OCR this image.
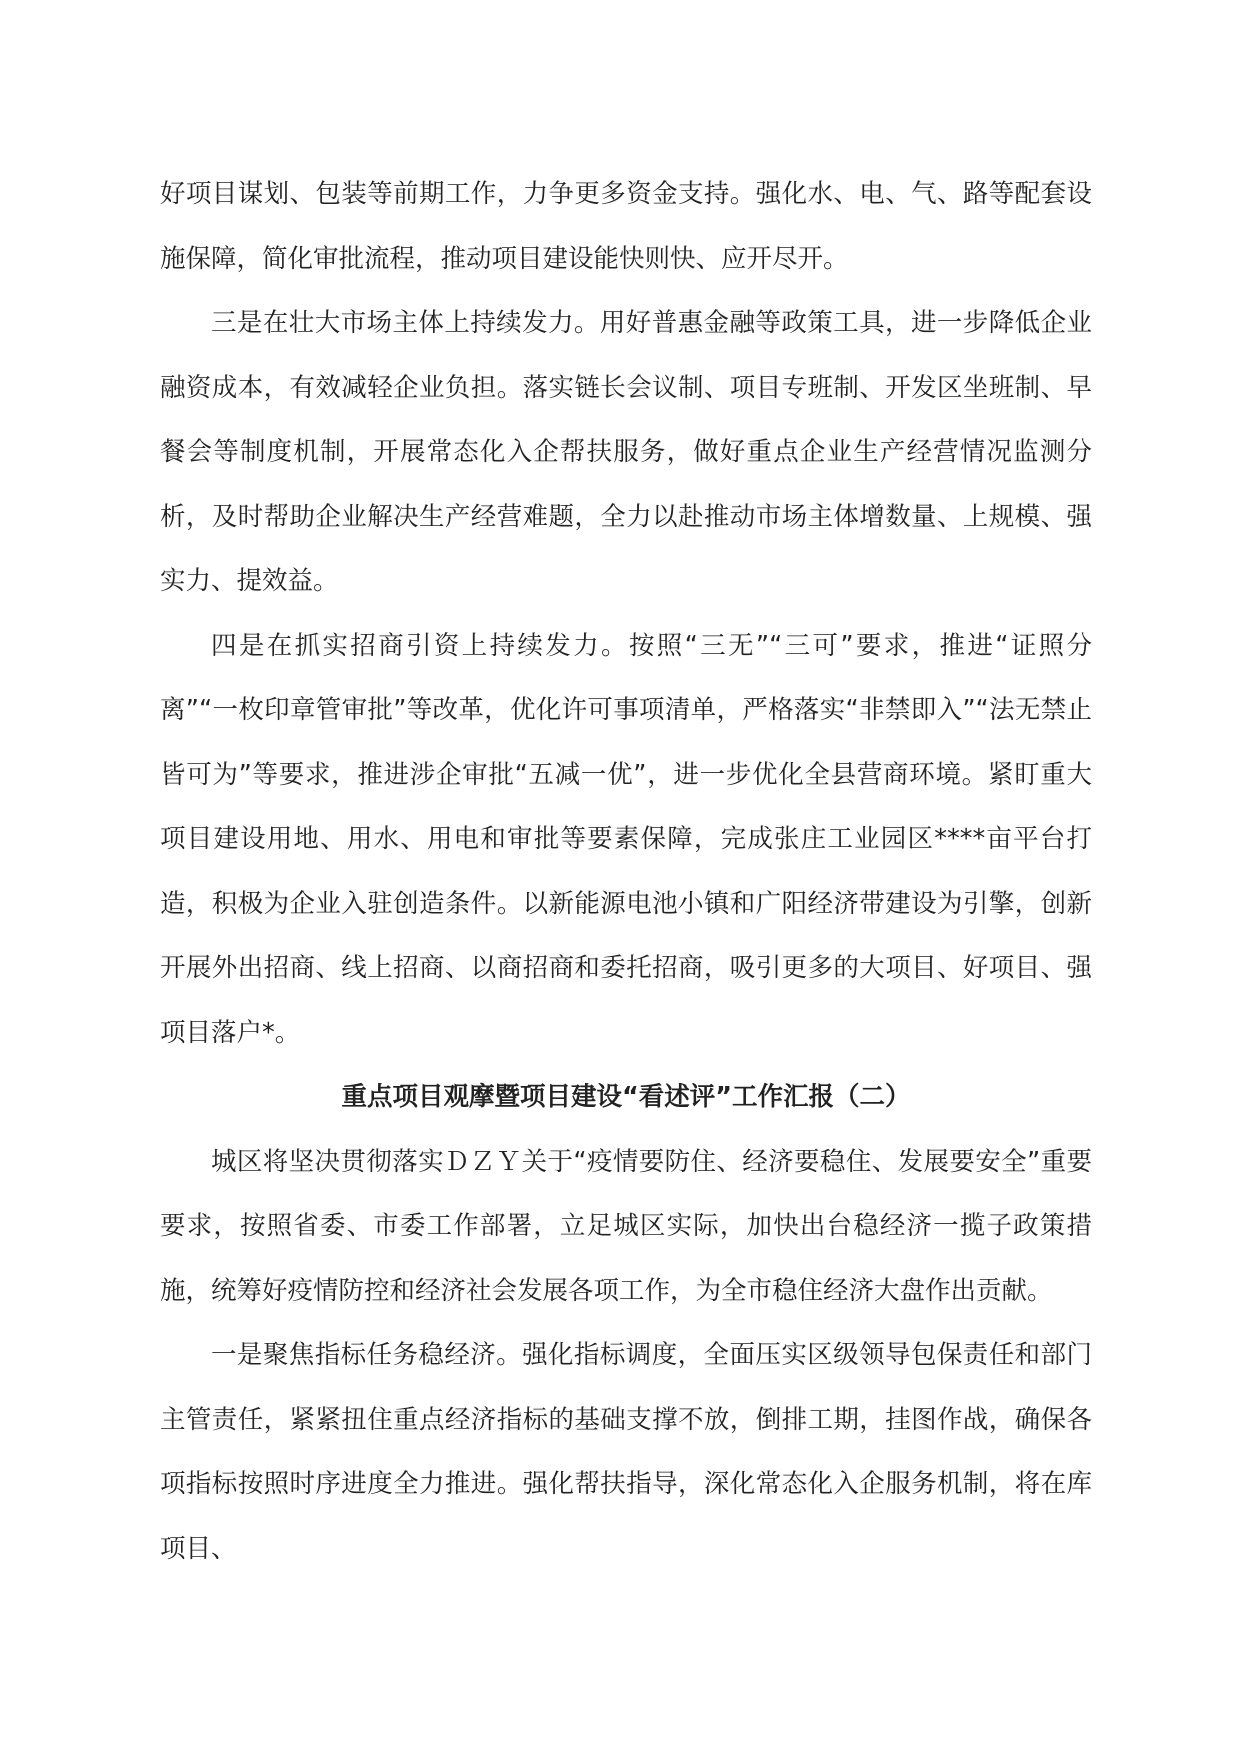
好项目谋划、包装等前期工作，力争更多资金支持。强化水、电、气、路等配套设施保障，简化审批流程，推动项目建设能快则快、应开尽开。

三是在壮大市场主体上持续发力。用好普惠金融等政策工具，进一步降低企业融资成本，有效减轻企业负担。落实链长会议制、项目专班制、开发区坐班制、早餐会等制度机制，开展常态化入企帮扶服务，做好重点企业生产经营情况监测分析，及时帮助企业解决生产经营难题，全力以赴推动市场主体增数量、上规模、强实力、提效益。

四是在抓实招商引资上持续发力。按照“三无”“三可”要求，推进“证照分离”“一枚印章管审批”等改革，优化许可事项清单，严格落实“非禁即入”“法无禁止皆可为”等要求，推进涉企审批“五减一优”，进一步优化全县营商环境。紧盯重大项目建设用地、用水、用电和审批等要素保障，完成张庄工业园区****亩平台打造，积极为企业入驻创造条件。以新能源电池小镇和广阳经济带建设为引擎，创新开展外出招商、线上招商、以商招商和委托招商，吸引更多的大项目、好项目、强项目落户*。

重点项目观摩暨项目建设“看述评”工作汇报（二）

城区将坚决贯彻落实ＤＺＹ关于“疫情要防住、经济要稳住、发展要安全”重要要求，按照省委、市委工作部署，立足城区实际，加快出台稳经济一揽子政策措施，统筹好疫情防控和经济社会发展各项工作，为全市稳住经济大盘作出贡献。

一是聚焦指标任务稳经济。强化指标调度，全面压实区级领导包保责任和部门主管责任，紧紧扭住重点经济指标的基础支撑不放，倒排工期，挂图作战，确保各项指标按照时序进度全力推进。强化帮扶指导，深化常态化入企服务机制，将在库项目、
